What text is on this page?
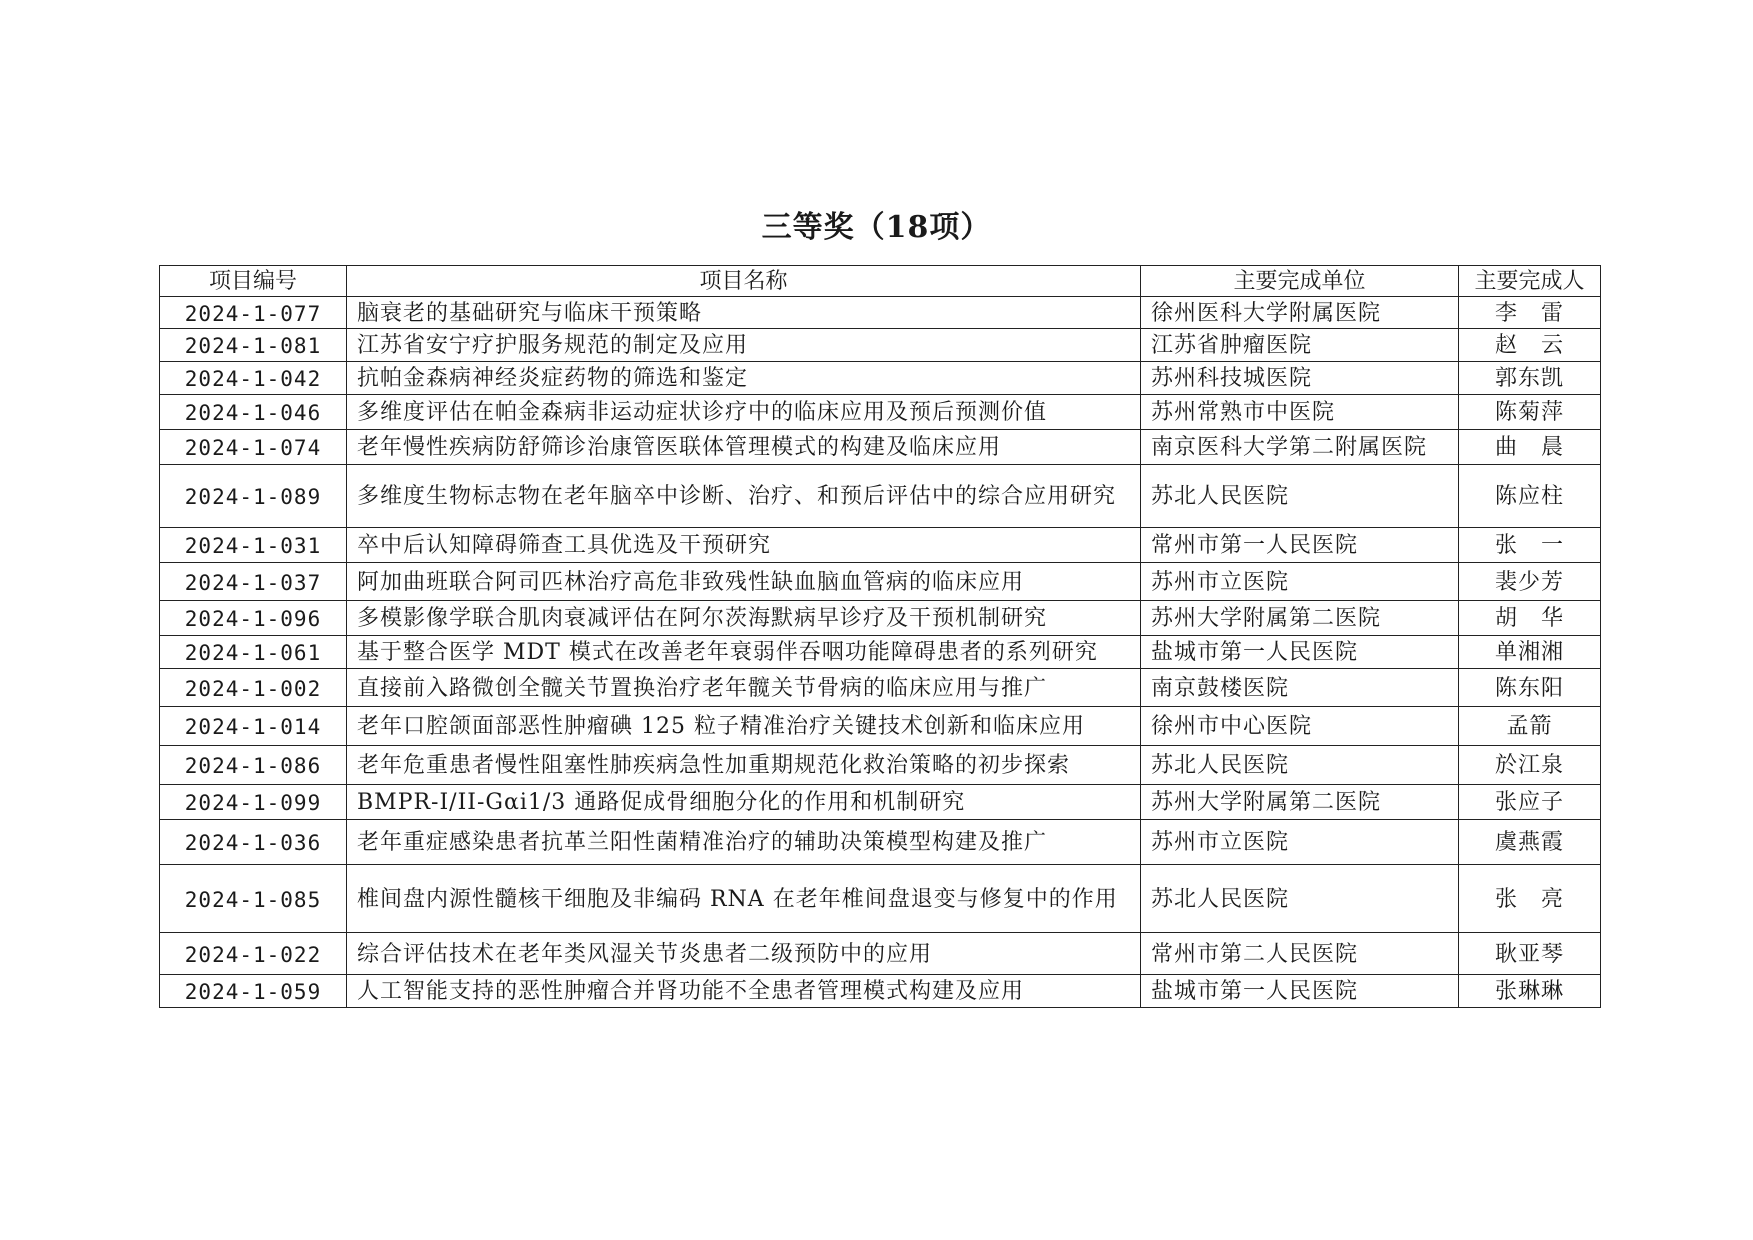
三等奖（18项）
项目编号	项目名称	主要完成单位	主要完成人
2024-1-077	脑衰老的基础研究与临床干预策略	徐州医科大学附属医院	李　雷
2024-1-081	江苏省安宁疗护服务规范的制定及应用	江苏省肿瘤医院	赵　云
2024-1-042	抗帕金森病神经炎症药物的筛选和鉴定	苏州科技城医院	郭东凯
2024-1-046	多维度评估在帕金森病非运动症状诊疗中的临床应用及预后预测价值	苏州常熟市中医院	陈菊萍
2024-1-074	老年慢性疾病防舒筛诊治康管医联体管理模式的构建及临床应用	南京医科大学第二附属医院	曲　晨
2024-1-089	多维度生物标志物在老年脑卒中诊断、治疗、和预后评估中的综合应用研究	苏北人民医院	陈应柱
2024-1-031	卒中后认知障碍筛查工具优选及干预研究	常州市第一人民医院	张　一
2024-1-037	阿加曲班联合阿司匹林治疗高危非致残性缺血脑血管病的临床应用	苏州市立医院	裴少芳
2024-1-096	多模影像学联合肌肉衰减评估在阿尔茨海默病早诊疗及干预机制研究	苏州大学附属第二医院	胡　华
2024-1-061	基于整合医学 MDT 模式在改善老年衰弱伴吞咽功能障碍患者的系列研究	盐城市第一人民医院	单湘湘
2024-1-002	直接前入路微创全髋关节置换治疗老年髋关节骨病的临床应用与推广	南京鼓楼医院	陈东阳
2024-1-014	老年口腔颌面部恶性肿瘤碘 125 粒子精准治疗关键技术创新和临床应用	徐州市中心医院	孟箭
2024-1-086	老年危重患者慢性阻塞性肺疾病急性加重期规范化救治策略的初步探索	苏北人民医院	於江泉
2024-1-099	BMPR-I/II-Gαi1/3 通路促成骨细胞分化的作用和机制研究	苏州大学附属第二医院	张应子
2024-1-036	老年重症感染患者抗革兰阳性菌精准治疗的辅助决策模型构建及推广	苏州市立医院	虞燕霞
2024-1-085	椎间盘内源性髓核干细胞及非编码 RNA 在老年椎间盘退变与修复中的作用	苏北人民医院	张　亮
2024-1-022	综合评估技术在老年类风湿关节炎患者二级预防中的应用	常州市第二人民医院	耿亚琴
2024-1-059	人工智能支持的恶性肿瘤合并肾功能不全患者管理模式构建及应用	盐城市第一人民医院	张琳琳
